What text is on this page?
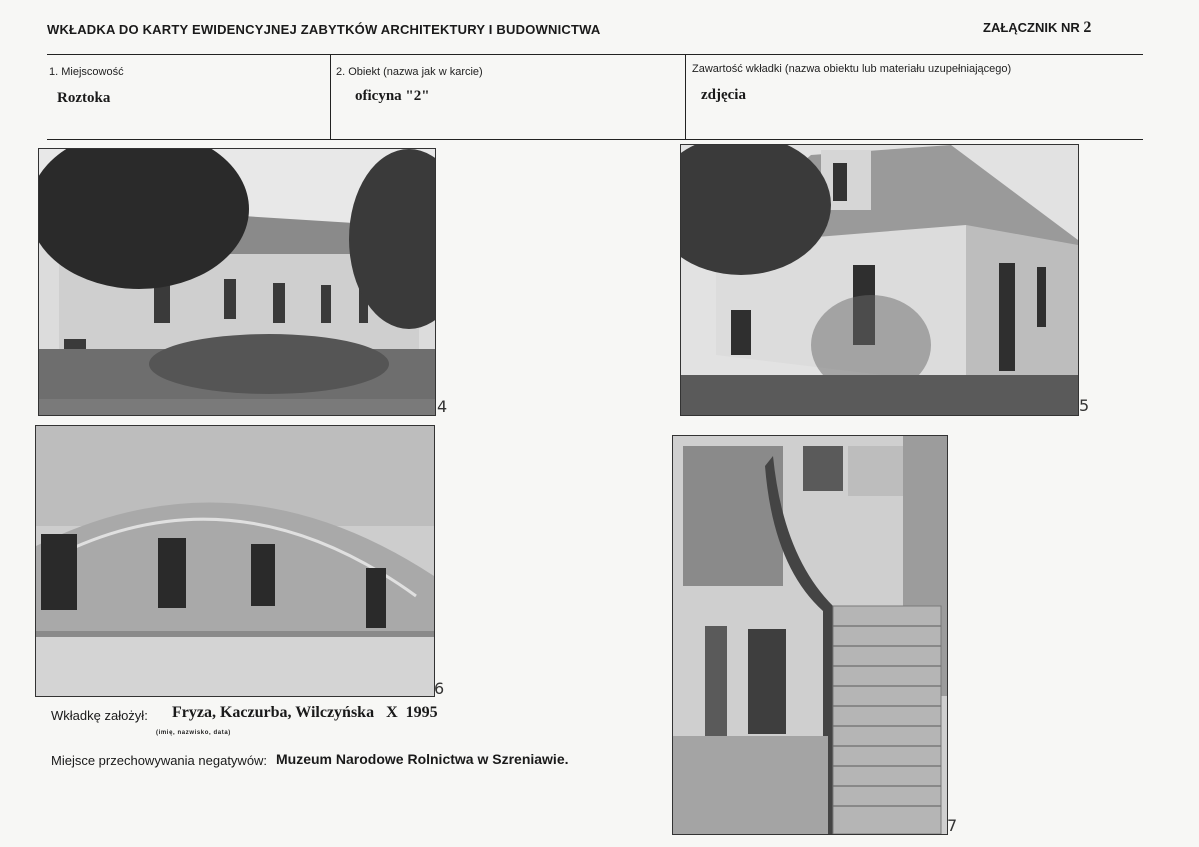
WKŁADKA DO KARTY EWIDENCYJNEJ ZABYTKÓW ARCHITEKTURY I BUDOWNICTWA	ZAŁĄCZNIK NR 2
1. Miejscowość
Roztoka
2. Obiekt (nazwa jak w karcie)
oficyna "2"
Zawartość wkładki (nazwa obiektu lub materiału uzupełniającego)
zdjęcia
4	5
6
7
Wkładkę założył: Fryza, Kaczurba, Wilczyńska   X  1995
(imię, nazwisko, data)
Miejsce przechowywania negatywów: Muzeum Narodowe Rolnictwa w Szreniawie.
